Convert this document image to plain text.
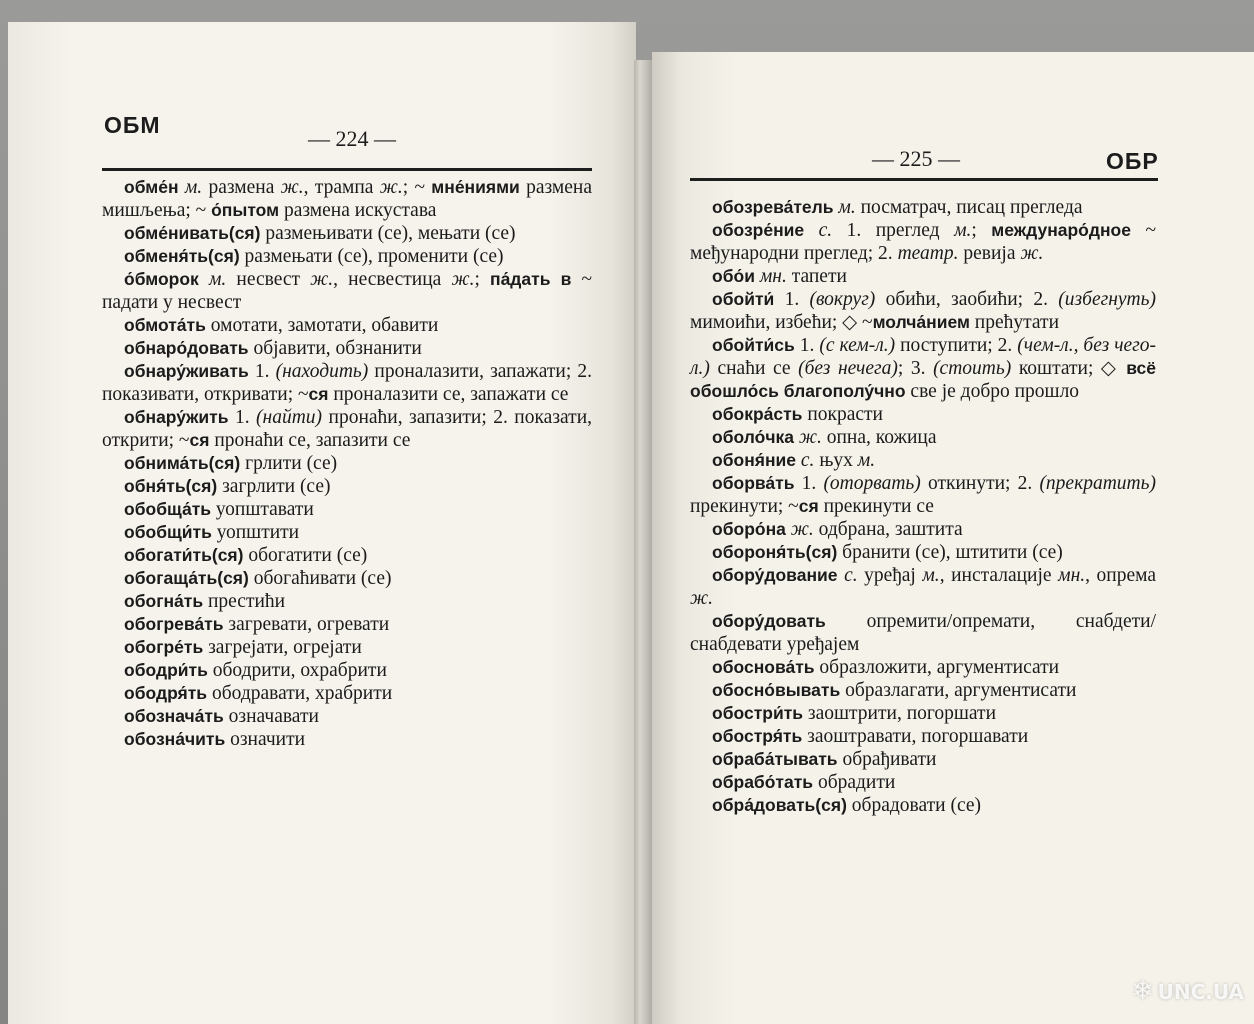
ОБМ
— 224 —

обме́н м. размена ж., трампа ж.; ~ мне́ниями размена мишљења; ~ о́пытом размена искустава

обме́нивать(ся) размењивати (се), мењати (се)

обменя́ть(ся) размењати (се), променити (се)

о́бморок м. несвест ж., несвестица ж.; па́дать в ~ падати у несвест

обмота́ть омотати, замотати, обавити

обнаро́довать објавити, обзнанити

обнару́живать 1. (находить) проналазити, запажати; 2. показивати, откривати; ~ся проналазити се, запажати се

обнару́жить 1. (найти) пронаћи, запазити; 2. показати, открити; ~ся пронаћи се, запазити се

обнима́ть(ся) грлити (се)

обня́ть(ся) загрлити (се)

обобща́ть уопштавати

обобщи́ть уопштити

обогати́ть(ся) обогатити (се)

обогаща́ть(ся) обогаћивати (се)

обогна́ть престићи

обогрева́ть загревати, огревати

обогре́ть загрејати, огрејати

ободри́ть ободрити, охрабрити

ободря́ть ободравати, храбрити

обознача́ть означавати

обозна́чить означити

— 225 —	ОБР

обозрева́тель м. посматрач, писац прегледа

обозре́ние с. 1. преглед м.; междунаро́дное ~ међународни преглед; 2. театр. ревија ж.

обо́и мн. тапети

обойти́ 1. (вокруг) обићи, заобићи; 2. (избегнуть) мимоићи, избећи; ◇ ~молча́нием прећутати

обойти́сь 1. (с кем-л.) поступити; 2. (чем-л., без чего-л.) снаћи се (без нечега); 3. (стоить) коштати; ◇ всё обошло́сь благополу́чно све је добро прошло

обокра́сть покрасти

оболо́чка ж. опна, кожица

обоня́ние с. њух м.

оборва́ть 1. (оторвать) откинути; 2. (прекратить) прекинути; ~ся прекинути се

оборо́на ж. одбрана, заштита

обороня́ть(ся) бранити (се), штитити (се)

обору́дование с. уређај м., инсталације мн., опрема ж.

обору́довать опремити/опремати, снабдети/снабдевати уређајем

обоснова́ть образложити, аргументисати

обосно́вывать образлагати, аргументисати

обостри́ть заоштрити, погоршати

обостря́ть заоштравати, погоршавати

обраба́тывать обрађивати

обрабо́тать обрадити

обра́довать(ся) обрадовати (се)

❄ UNC.UA
